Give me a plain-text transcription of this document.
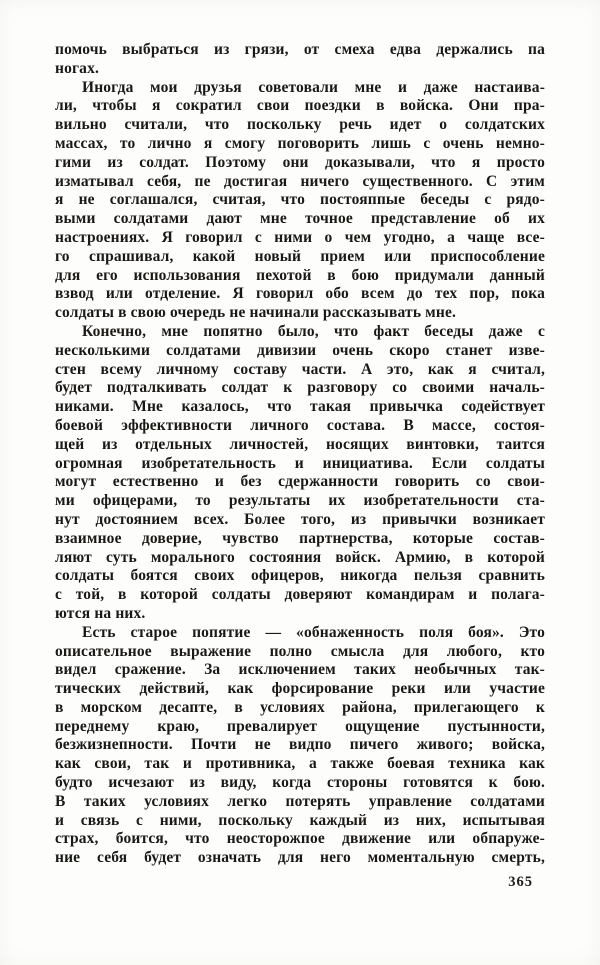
помочь выбраться из грязи, от смеха едва держались па
ногах.
Иногда мои друзья советовали мне и даже настаива-
ли, чтобы я сократил свои поездки в войска. Они пра-
вильно считали, что поскольку речь идет о солдатских
массах, то лично я смогу поговорить лишь с очень немно-
гими из солдат. Поэтому они доказывали, что я просто
изматывал себя, пе достигая ничего существенного. С этим
я не соглашался, считая, что постояппые беседы с рядо-
выми солдатами дают мне точное представление об их
настроениях. Я говорил с ними о чем угодно, а чаще все-
го спрашивал, какой новый прием или приспособление
для его использования пехотой в бою придумали данный
взвод или отделение. Я говорил обо всем до тех пор, пока
солдаты в свою очередь не начинали рассказывать мне.
Конечно, мне попятно было, что факт беседы даже с
несколькими солдатами дивизии очень скоро станет изве-
стен всему личному составу части. А это, как я считал,
будет подталкивать солдат к разговору со своими началь-
никами. Мне казалось, что такая привычка содействует
боевой эффективности личного состава. В массе, состоя-
щей из отдельных личностей, носящих винтовки, таится
огромная изобретательность и инициатива. Если солдаты
могут естественно и без сдержанности говорить со свои-
ми офицерами, то результаты их изобретательности ста-
нут достоянием всех. Более того, из привычки возникает
взаимное доверие, чувство партнерства, которые состав-
ляют суть морального состояния войск. Армию, в которой
солдаты боятся своих офицеров, никогда пельзя сравнить
с той, в которой солдаты доверяют командирам и полага-
ются на них.
Есть старое попятие — «обнаженность поля боя». Это
описательное выражение полно смысла для любого, кто
видел сражение. За исключением таких необычных так-
тических действий, как форсирование реки или участие
в морском десапте, в условиях района, прилегающего к
переднему краю, превалирует ощущение пустынности,
безжизнепности. Почти не видпо пичего живого; войска,
как свои, так и противника, а также боевая техника как
будто исчезают из виду, когда стороны готовятся к бою.
В таких условиях легко потерять управление солдатами
и связь с ними, поскольку каждый из них, испытывая
страх, боится, что неосторожпое движение или обпаруже-
ние себя будет означать для него моментальную смерть,
365
